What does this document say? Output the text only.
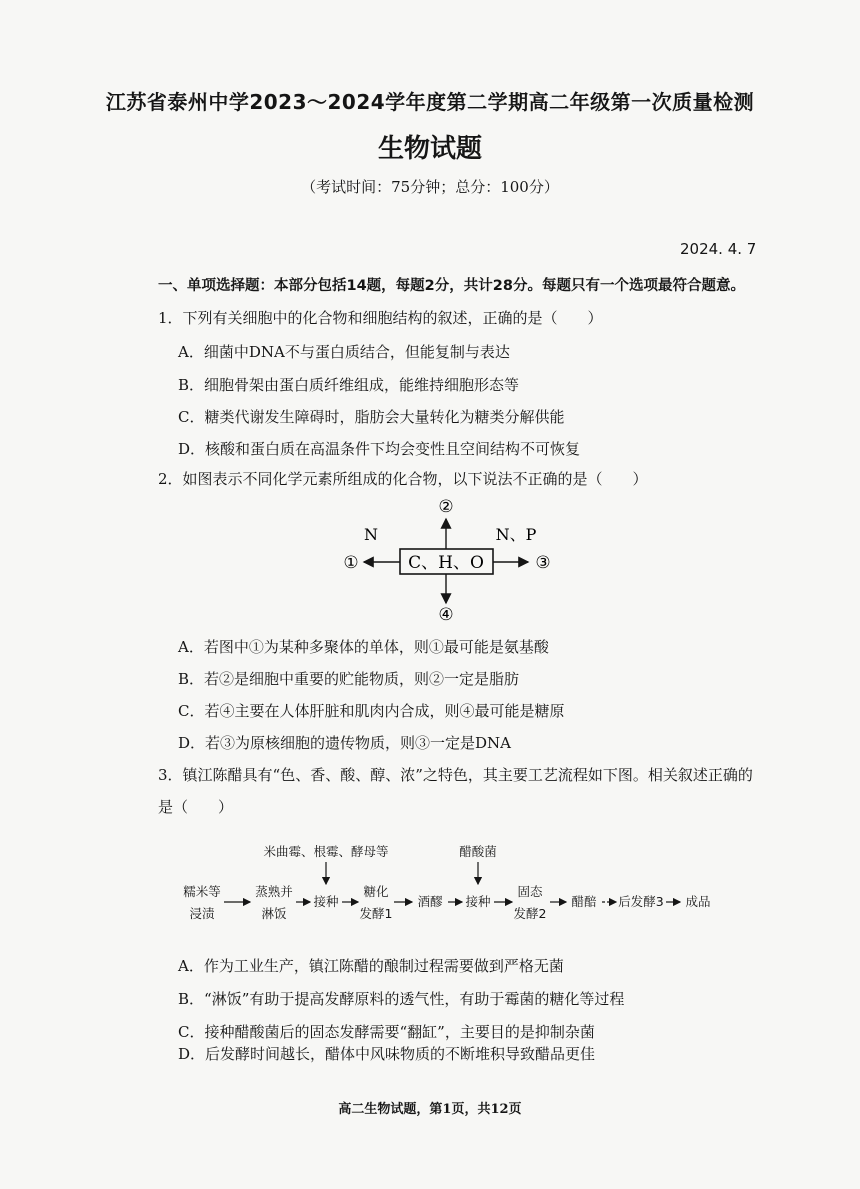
江苏省泰州中学2023～2024学年度第二学期高二年级第一次质量检测
生物试题
（考试时间：75分钟；总分：100分）
2024. 4. 7
一、单项选择题：本部分包括14题，每题2分，共计28分。每题只有一个选项最符合题意。
1．下列有关细胞中的化合物和细胞结构的叙述，正确的是（　　）
A．细菌中DNA不与蛋白质结合，但能复制与表达
B．细胞骨架由蛋白质纤维组成，能维持细胞形态等
C．糖类代谢发生障碍时，脂肪会大量转化为糖类分解供能
D．核酸和蛋白质在高温条件下均会变性且空间结构不可恢复
2．如图表示不同化学元素所组成的化合物，以下说法不正确的是（　　）
C、H、O
②
④
①
N
③
N、P
A．若图中①为某种多聚体的单体，则①最可能是氨基酸
B．若②是细胞中重要的贮能物质，则②一定是脂肪
C．若④主要在人体肝脏和肌肉内合成，则④最可能是糖原
D．若③为原核细胞的遗传物质，则③一定是DNA
3．镇江陈醋具有“色、香、酸、醇、浓”之特色，其主要工艺流程如下图。相关叙述正确的
是（　　）
米曲霉、根霉、酵母等	醋酸菌
糯米等
浸渍
蒸熟并
淋饭
接种
糖化
发酵1
酒醪 接种
固态
发酵2
醋醅 后发酵3 成品
A．作为工业生产，镇江陈醋的酿制过程需要做到严格无菌
B．“淋饭”有助于提高发酵原料的透气性，有助于霉菌的糖化等过程
C．接种醋酸菌后的固态发酵需要“翻缸”，主要目的是抑制杂菌
D．后发酵时间越长，醋体中风味物质的不断堆积导致醋品更佳
高二生物试题，第1页，共12页
